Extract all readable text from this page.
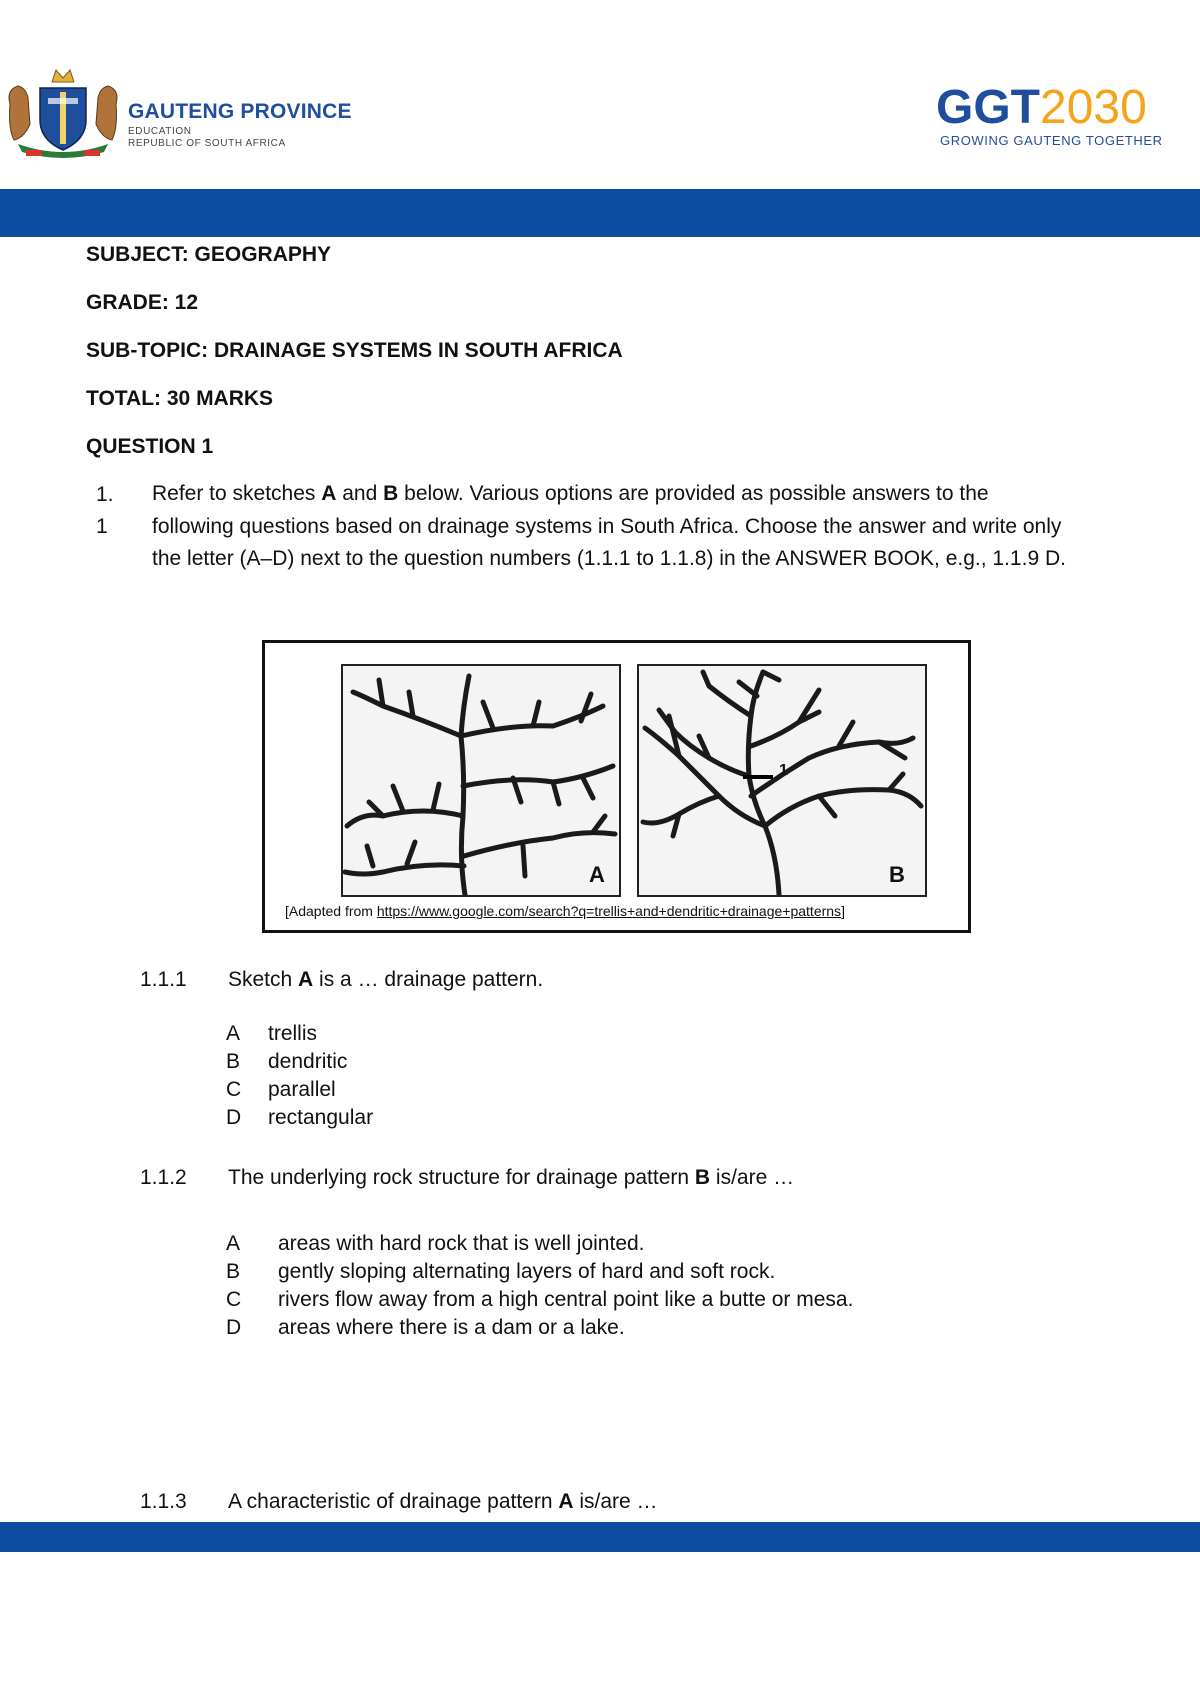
GAUTENG PROVINCE
EDUCATION
REPUBLIC OF SOUTH AFRICA
GGT2030
GROWING GAUTENG TOGETHER
SUBJECT: GEOGRAPHY
GRADE: 12
SUB-TOPIC: DRAINAGE SYSTEMS IN SOUTH AFRICA
TOTAL: 30 MARKS
QUESTION 1
1.
1
Refer to sketches A and B below. Various options are provided as possible answers to the following questions based on drainage systems in South Africa. Choose the answer and write only the letter (A–D) next to the question numbers (1.1.1 to 1.1.8) in the ANSWER BOOK, e.g., 1.1.9 D.
A
1
B
[Adapted from https://www.google.com/search?q=trellis+and+dendritic+drainage+patterns]
1.1.1 Sketch A is a … drainage pattern.
A trellis
B dendritic
C parallel
D rectangular
1.1.2 The underlying rock structure for drainage pattern B is/are …
A areas with hard rock that is well jointed.
B gently sloping alternating layers of hard and soft rock.
C rivers flow away from a high central point like a butte or mesa.
D areas where there is a dam or a lake.
1.1.3 A characteristic of drainage pattern A is/are …
